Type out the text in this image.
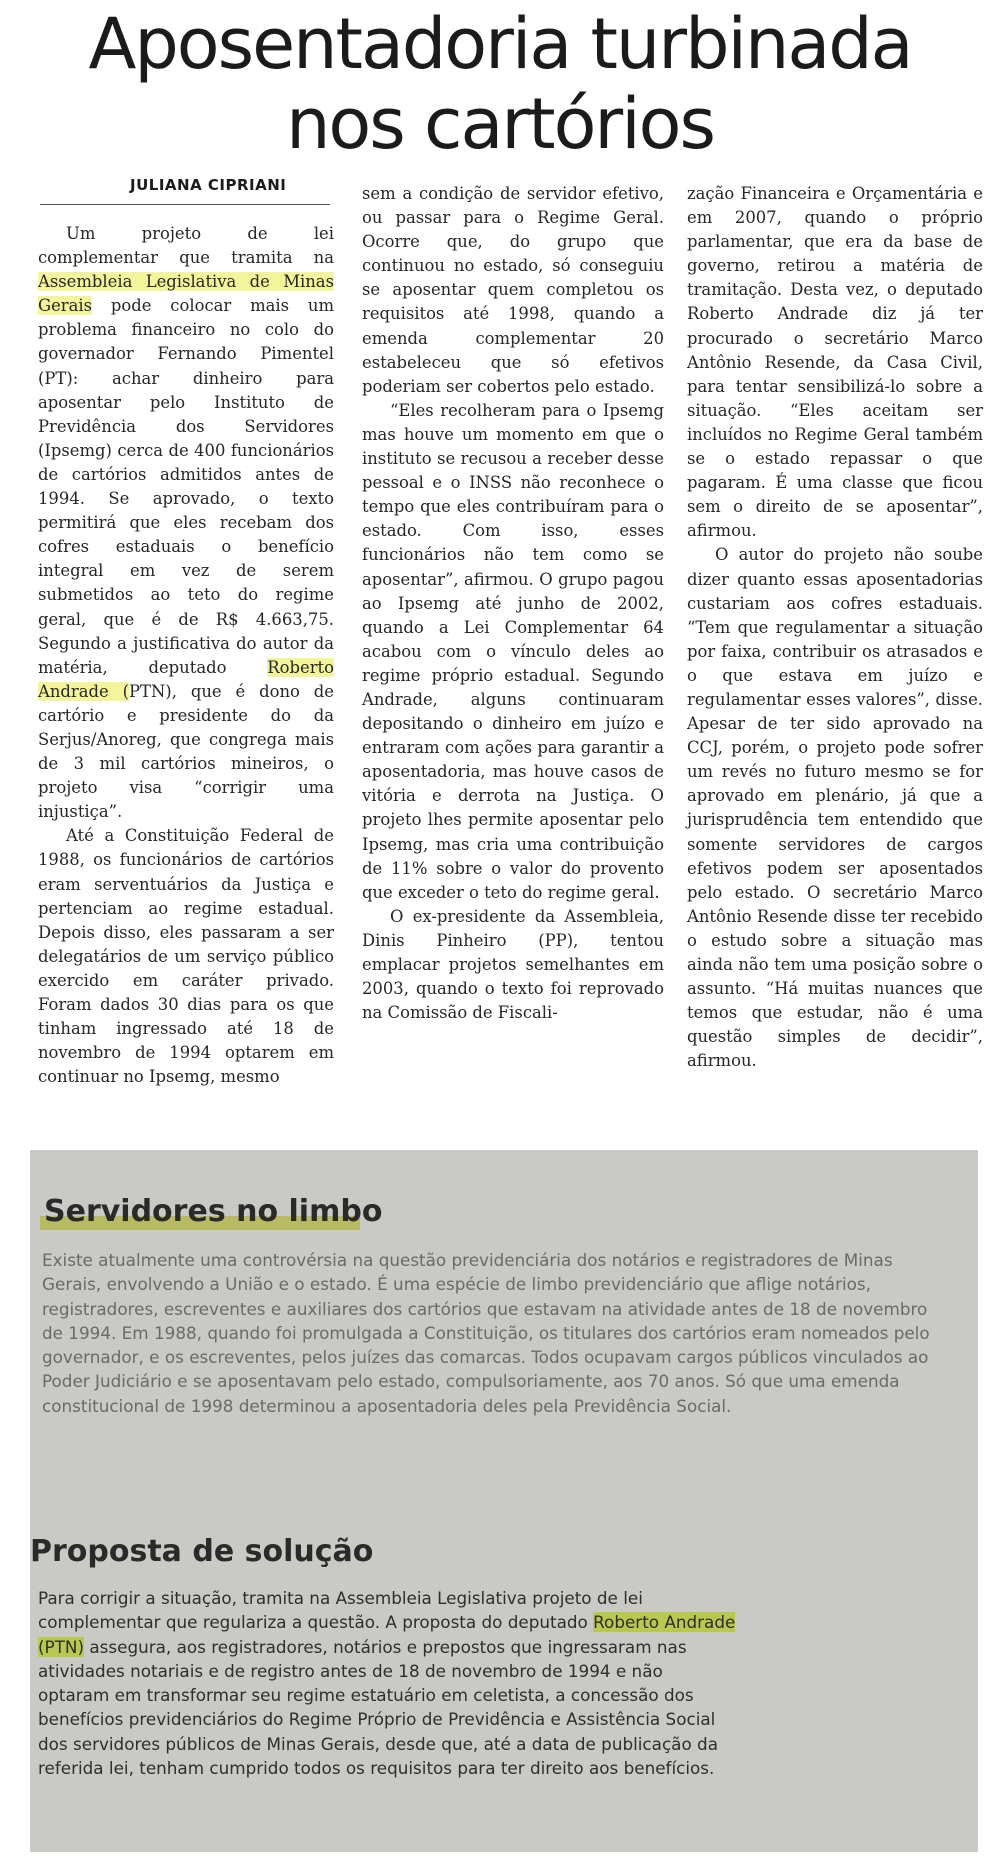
Aposentadoria turbinada
nos cartórios
JULIANA CIPRIANI

Um projeto de lei complementar que tramita na Assembleia Legislativa de Minas Gerais pode colocar mais um problema financeiro no colo do governador Fernando Pimentel (PT): achar dinheiro para aposentar pelo Instituto de Previdência dos Servidores (Ipsemg) cerca de 400 funcionários de cartórios admitidos antes de 1994. Se aprovado, o texto permitirá que eles recebam dos cofres estaduais o benefício integral em vez de serem submetidos ao teto do regime geral, que é de R$ 4.663,75. Segundo a justificativa do autor da matéria, deputado Roberto Andrade (PTN), que é dono de cartório e presidente do da Serjus/Anoreg, que congrega mais de 3 mil cartórios mineiros, o projeto visa “corrigir uma injustiça”.

Até a Constituição Federal de 1988, os funcionários de cartórios eram serventuários da Justiça e pertenciam ao regime estadual. Depois disso, eles passaram a ser delegatários de um serviço público exercido em caráter privado. Foram dados 30 dias para os que tinham ingressado até 18 de novembro de 1994 optarem em continuar no Ipsemg, mesmo

sem a condição de servidor efetivo, ou passar para o Regime Geral. Ocorre que, do grupo que continuou no estado, só conseguiu se aposentar quem completou os requisitos até 1998, quando a emenda complementar 20 estabeleceu que só efetivos poderiam ser cobertos pelo estado.

“Eles recolheram para o Ipsemg mas houve um momento em que o instituto se recusou a receber desse pessoal e o INSS não reconhece o tempo que eles contribuíram para o estado. Com isso, esses funcionários não tem como se aposentar”, afirmou. O grupo pagou ao Ipsemg até junho de 2002, quando a Lei Complementar 64 acabou com o vínculo deles ao regime próprio estadual. Segundo Andrade, alguns continuaram depositando o dinheiro em juízo e entraram com ações para garantir a aposentadoria, mas houve casos de vitória e derrota na Justiça. O projeto lhes permite aposentar pelo Ipsemg, mas cria uma contribuição de 11% sobre o valor do provento que exceder o teto do regime geral.

O ex-presidente da Assembleia, Dinis Pinheiro (PP), tentou emplacar projetos semelhantes em 2003, quando o texto foi reprovado na Comissão de Fiscali-

zação Financeira e Orçamentária e em 2007, quando o próprio parlamentar, que era da base de governo, retirou a matéria de tramitação. Desta vez, o deputado Roberto Andrade diz já ter procurado o secretário Marco Antônio Resende, da Casa Civil, para tentar sensibilizá-lo sobre a situação. “Eles aceitam ser incluídos no Regime Geral também se o estado repassar o que pagaram. É uma classe que ficou sem o direito de se aposentar”, afirmou.

O autor do projeto não soube dizer quanto essas aposentadorias custariam aos cofres estaduais. “Tem que regulamentar a situação por faixa, contribuir os atrasados e o que estava em juízo e regulamentar esses valores”, disse. Apesar de ter sido aprovado na CCJ, porém, o projeto pode sofrer um revés no futuro mesmo se for aprovado em plenário, já que a jurisprudência tem entendido que somente servidores de cargos efetivos podem ser aposentados pelo estado. O secretário Marco Antônio Resende disse ter recebido o estudo sobre a situação mas ainda não tem uma posição sobre o assunto. “Há muitas nuances que temos que estudar, não é uma questão simples de decidir”, afirmou.

Servidores no limbo
Existe atualmente uma controvérsia na questão previdenciária dos notários e registradores de Minas Gerais, envolvendo a União e o estado. É uma espécie de limbo previdenciário que aflige notários, registradores, escreventes e auxiliares dos cartórios que estavam na atividade antes de 18 de novembro de 1994. Em 1988, quando foi promulgada a Constituição, os titulares dos cartórios eram nomeados pelo governador, e os escreventes, pelos juízes das comarcas. Todos ocupavam cargos públicos vinculados ao Poder Judiciário e se aposentavam pelo estado, compulsoriamente, aos 70 anos. Só que uma emenda constitucional de 1998 determinou a aposentadoria deles pela Previdência Social.
Proposta de solução
Para corrigir a situação, tramita na Assembleia Legislativa projeto de lei complementar que regulariza a questão. A proposta do deputado Roberto Andrade (PTN) assegura, aos registradores, notários e prepostos que ingressaram nas atividades notariais e de registro antes de 18 de novembro de 1994 e não optaram em transformar seu regime estatuário em celetista, a concessão dos benefícios previdenciários do Regime Próprio de Previdência e Assistência Social dos servidores públicos de Minas Gerais, desde que, até a data de publicação da referida lei, tenham cumprido todos os requisitos para ter direito aos benefícios.
